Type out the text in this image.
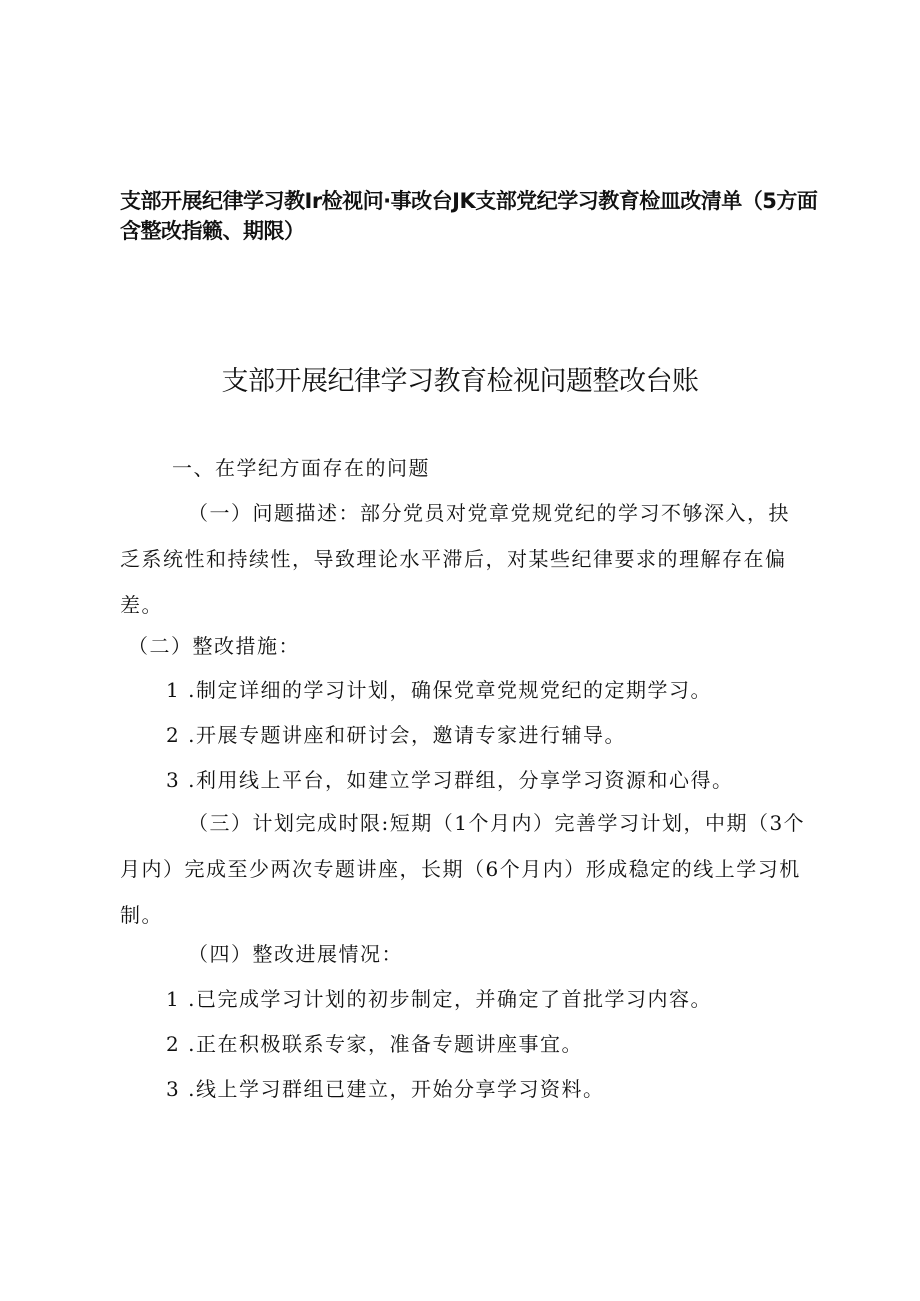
支部开展纪律学习教Ir检视问·事改台JK支部党纪学习教育检皿改清单（5方面含整改指籁、期限）
支部开展纪律学习教育检视问题整改台账
一、在学纪方面存在的问题
（一）问题描述：部分党员对党章党规党纪的学习不够深入，抉乏系统性和持续性，导致理论水平滞后，对某些纪律要求的理解存在偏差。
（二）整改措施：
1 .制定详细的学习计划，确保党章党规党纪的定期学习。
2 .开展专题讲座和研讨会，邀请专家进行辅导。
3 .利用线上平台，如建立学习群组，分享学习资源和心得。
（三）计划完成时限:短期（1个月内）完善学习计划，中期（3个月内）完成至少两次专题讲座，长期（6个月内）形成稳定的线上学习机制。
（四）整改进展情况：
1 .已完成学习计划的初步制定，并确定了首批学习内容。
2 .正在积极联系专家，准备专题讲座事宜。
3 .线上学习群组已建立，开始分享学习资料。
